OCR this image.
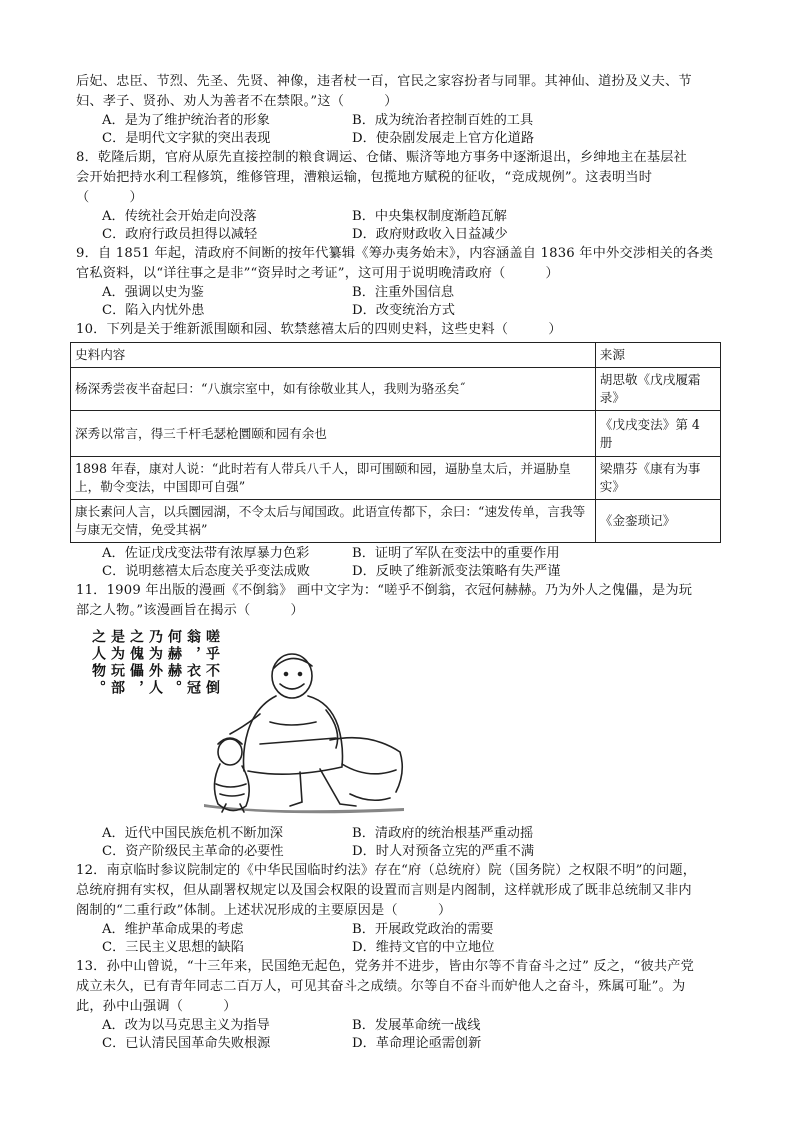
后妃、忠臣、节烈、先圣、先贤、神像，违者杖一百，官民之家容扮者与同罪。其神仙、道扮及义夫、节

妇、孝子、贤孙、劝人为善者不在禁限。”这（　　　）

A．是为了维护统治者的形象	B．成为统治者控制百姓的工具
C．是明代文字狱的突出表现	D．使杂剧发展走上官方化道路

8．乾隆后期，官府从原先直接控制的粮食调运、仓储、赈济等地方事务中逐渐退出，乡绅地主在基层社

会开始把持水利工程修筑，维修管理，漕粮运输，包揽地方赋税的征收，“竞成规例”。这表明当时

（　　　）

A．传统社会开始走向没落	B．中央集权制度渐趋瓦解
C．政府行政员担得以减轻	D．政府财政收入日益减少

9．自 1851 年起，清政府不间断的按年代纂辑《筹办夷务始末》，内容涵盖自 1836 年中外交涉相关的各类

官私资料，以“详往事之是非”“资异时之考证”，这可用于说明晚清政府（　　　）

A．强调以史为鉴	B．注重外国信息
C．陷入内忧外患	D．改变统治方式

10．下列是关于维新派围颐和园、软禁慈禧太后的四则史料，这些史料（　　　）

史料内容	来源
杨深秀尝夜半奋起曰：“八旗宗室中，如有徐敬业其人，我则为骆丞矣˝	胡思敬《戊戌履霜录》
深秀以常言，得三千杆毛瑟枪圜颐和园有余也	《戊戌变法》第 4 册
1898 年春，康对人说：“此时若有人带兵八千人，即可围颐和园，逼胁皇太后，并逼胁皇上，勒令变法，中国即可自强”	梁鼎芬《康有为事实》
康长素问人言，以兵圜园湖，不令太后与闻国政。此语宣传都下，余曰：“速发传单，言我等与康无交情，免受其祸”	《金銮琐记》
A．佐证戊戌变法带有浓厚暴力色彩	B．证明了军队在变法中的重要作用
C．说明慈禧太后态度关乎变法成败	D．反映了维新派变法策略有失严谨

11．1909 年出版的漫画《不倒翁》 画中文字为：“嗟乎不倒翁，衣冠何赫赫。乃为外人之傀儡，是为玩

部之人物。”该漫画旨在揭示（　　　）

嗟乎不倒
翁，衣冠
何赫赫。
乃为外人
之傀儡，
是为玩部
之人物。
A．近代中国民族危机不断加深	B．清政府的统治根基严重动摇
C．资产阶级民主革命的必要性	D．时人对预备立宪的严重不满

12．南京临时参议院制定的《中华民国临时约法》存在“府（总统府）院（国务院）之权限不明”的问题，

总统府拥有实权，但从副署权规定以及国会权限的设置而言则是内阁制，这样就形成了既非总统制又非内

阁制的“二重行政”体制。上述状况形成的主要原因是（　　　）

A．维护革命成果的考虑	B．开展政党政治的需要
C．三民主义思想的缺陷	D．维持文官的中立地位

13．孙中山曾说，“十三年来，民国绝无起色，党务并不进步，皆由尔等不肯奋斗之过” 反之，“彼共产党

成立未久，已有青年同志二百万人，可见其奋斗之成绩。尔等自不奋斗而妒他人之奋斗，殊属可耻”。为

此，孙中山强调（　　　）

A．改为以马克思主义为指导	B．发展革命统一战线
C．已认清民国革命失败根源	D．革命理论亟需创新
